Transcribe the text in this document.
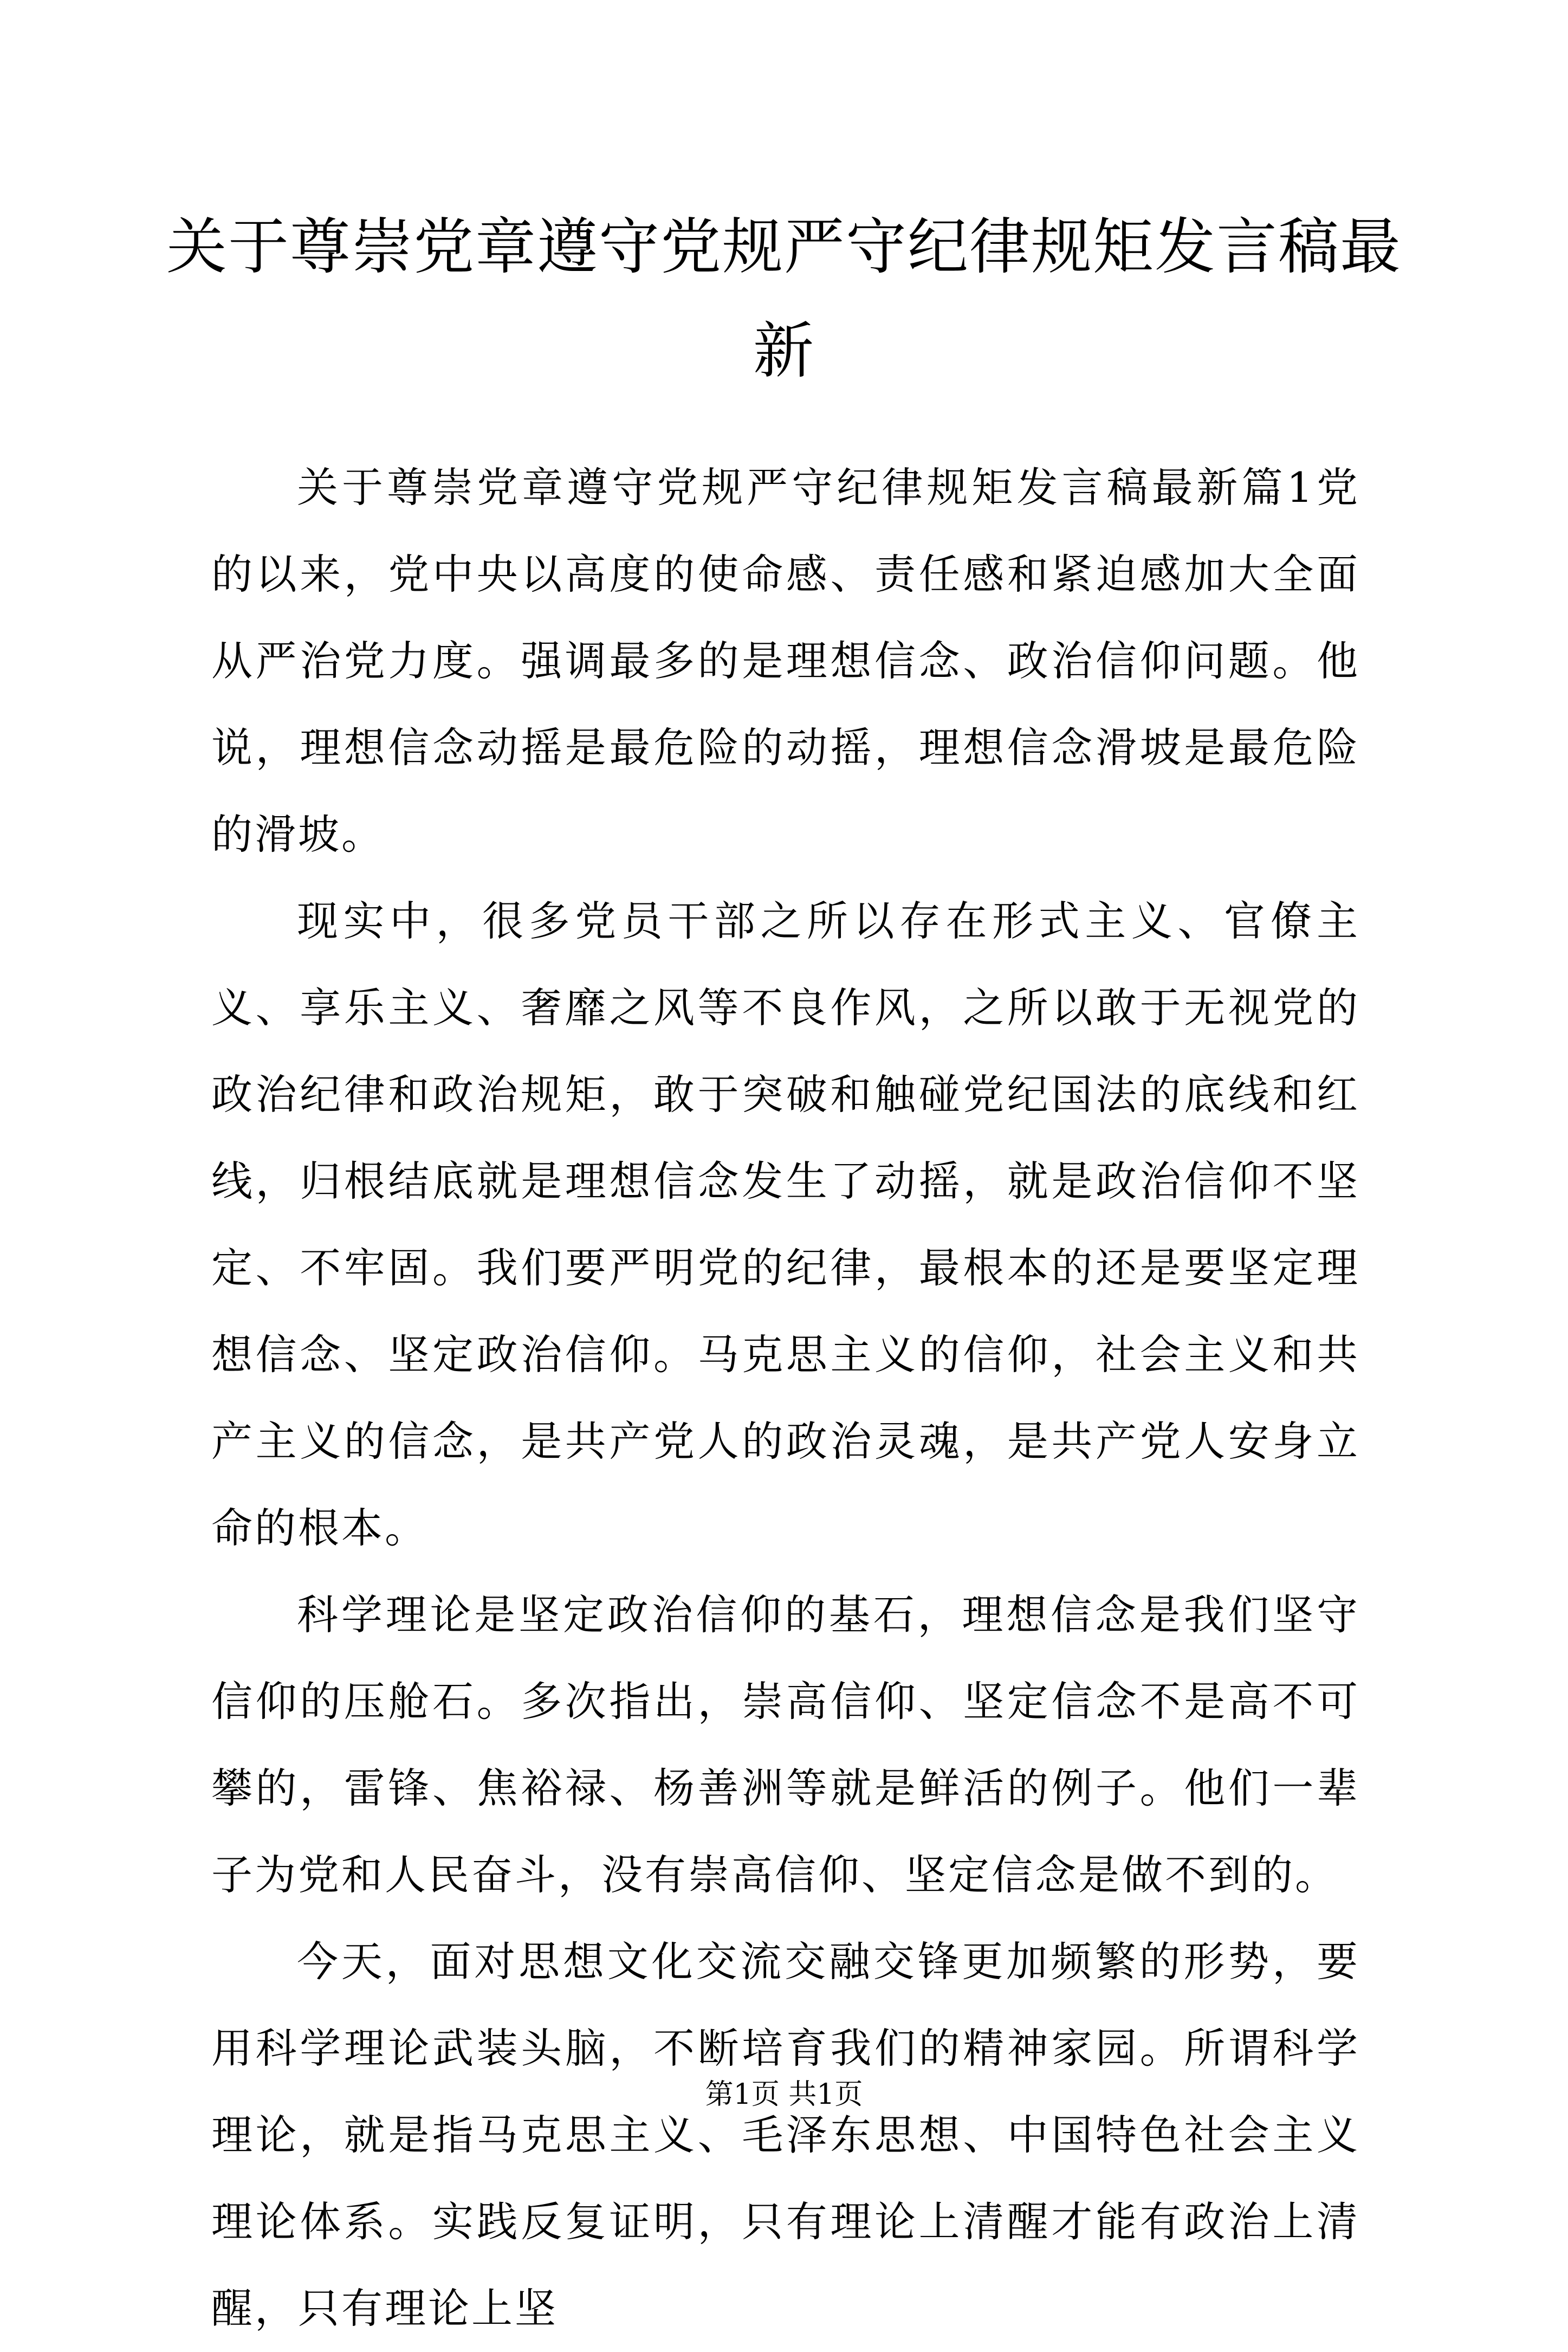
关于尊崇党章遵守党规严守纪律规矩发言稿最新

关于尊崇党章遵守党规严守纪律规矩发言稿最新篇1党的以来，党中央以高度的使命感、责任感和紧迫感加大全面从严治党力度。强调最多的是理想信念、政治信仰问题。他说，理想信念动摇是最危险的动摇，理想信念滑坡是最危险的滑坡。

现实中，很多党员干部之所以存在形式主义、官僚主义、享乐主义、奢靡之风等不良作风，之所以敢于无视党的政治纪律和政治规矩，敢于突破和触碰党纪国法的底线和红线，归根结底就是理想信念发生了动摇，就是政治信仰不坚定、不牢固。我们要严明党的纪律，最根本的还是要坚定理想信念、坚定政治信仰。马克思主义的信仰，社会主义和共产主义的信念，是共产党人的政治灵魂，是共产党人安身立命的根本。

科学理论是坚定政治信仰的基石，理想信念是我们坚守信仰的压舱石。多次指出，崇高信仰、坚定信念不是高不可攀的，雷锋、焦裕禄、杨善洲等就是鲜活的例子。他们一辈子为党和人民奋斗，没有崇高信仰、坚定信念是做不到的。

今天，面对思想文化交流交融交锋更加频繁的形势，要用科学理论武装头脑，不断培育我们的精神家园。所谓科学理论，就是指马克思主义、毛泽东思想、中国特色社会主义理论体系。实践反复证明，只有理论上清醒才能有政治上清醒，只有理论上坚

第1页 共1页
